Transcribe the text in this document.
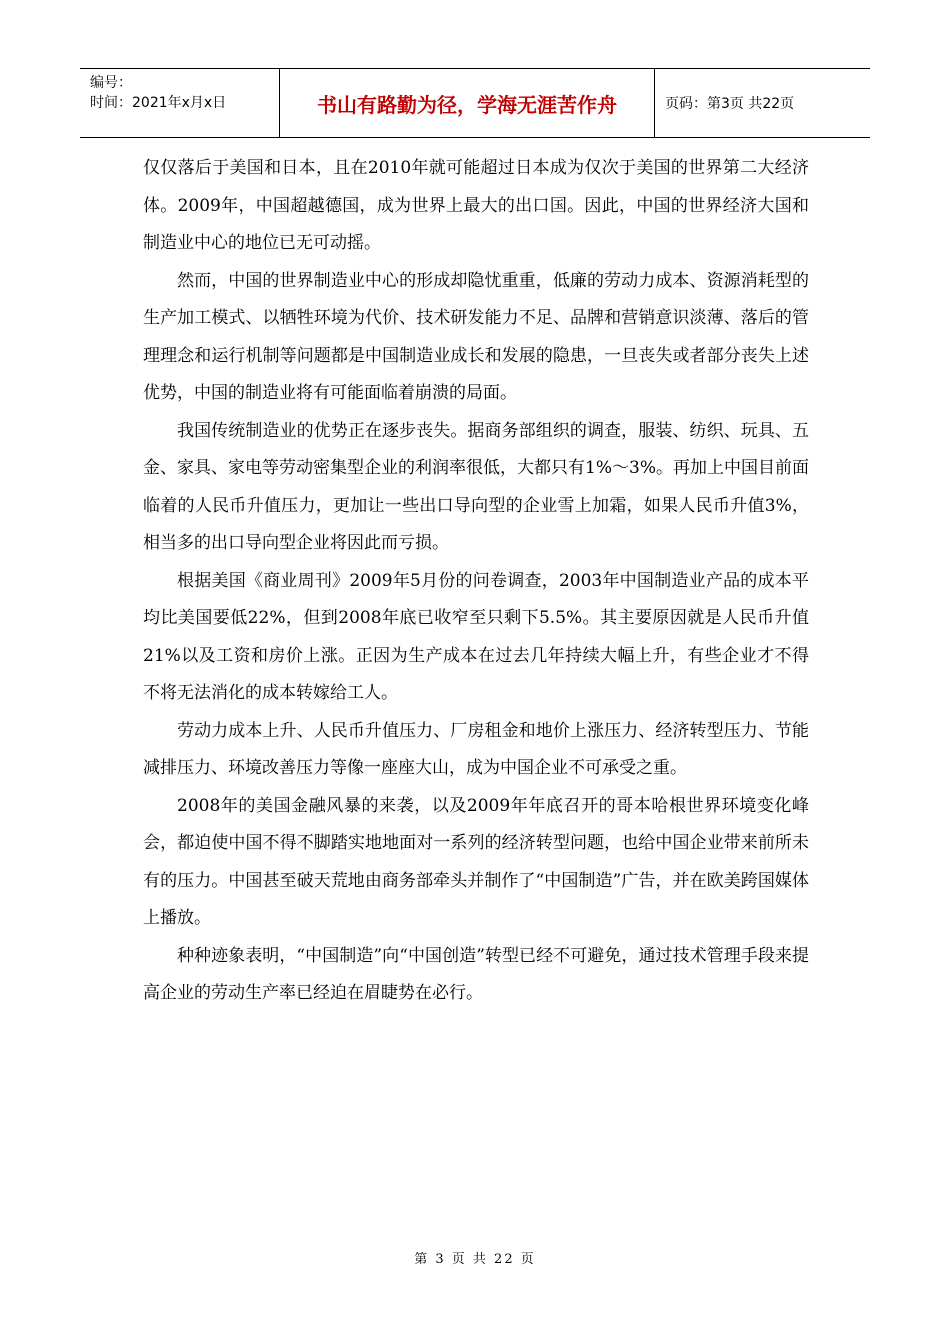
编号：
时间：2021年x月x日	书山有路勤为径，学海无涯苦作舟	页码：第3页 共22页

仅仅落后于美国和日本，且在2010年就可能超过日本成为仅次于美国的世界第二大经济体。2009年，中国超越德国，成为世界上最大的出口国。因此，中国的世界经济大国和制造业中心的地位已无可动摇。

然而，中国的世界制造业中心的形成却隐忧重重，低廉的劳动力成本、资源消耗型的生产加工模式、以牺牲环境为代价、技术研发能力不足、品牌和营销意识淡薄、落后的管理理念和运行机制等问题都是中国制造业成长和发展的隐患，一旦丧失或者部分丧失上述优势，中国的制造业将有可能面临着崩溃的局面。

我国传统制造业的优势正在逐步丧失。据商务部组织的调查，服装、纺织、玩具、五金、家具、家电等劳动密集型企业的利润率很低，大都只有1%～3%。再加上中国目前面临着的人民币升值压力，更加让一些出口导向型的企业雪上加霜，如果人民币升值3%，相当多的出口导向型企业将因此而亏损。

根据美国《商业周刊》2009年5月份的问卷调查，2003年中国制造业产品的成本平均比美国要低22%，但到2008年底已收窄至只剩下5.5%。其主要原因就是人民币升值21%以及工资和房价上涨。正因为生产成本在过去几年持续大幅上升，有些企业才不得不将无法消化的成本转嫁给工人。

劳动力成本上升、人民币升值压力、厂房租金和地价上涨压力、经济转型压力、节能减排压力、环境改善压力等像一座座大山，成为中国企业不可承受之重。

2008年的美国金融风暴的来袭，以及2009年年底召开的哥本哈根世界环境变化峰会，都迫使中国不得不脚踏实地地面对一系列的经济转型问题，也给中国企业带来前所未有的压力。中国甚至破天荒地由商务部牵头并制作了“中国制造”广告，并在欧美跨国媒体上播放。

种种迹象表明，“中国制造”向“中国创造”转型已经不可避免，通过技术管理手段来提高企业的劳动生产率已经迫在眉睫势在必行。

第 3 页 共 22 页
